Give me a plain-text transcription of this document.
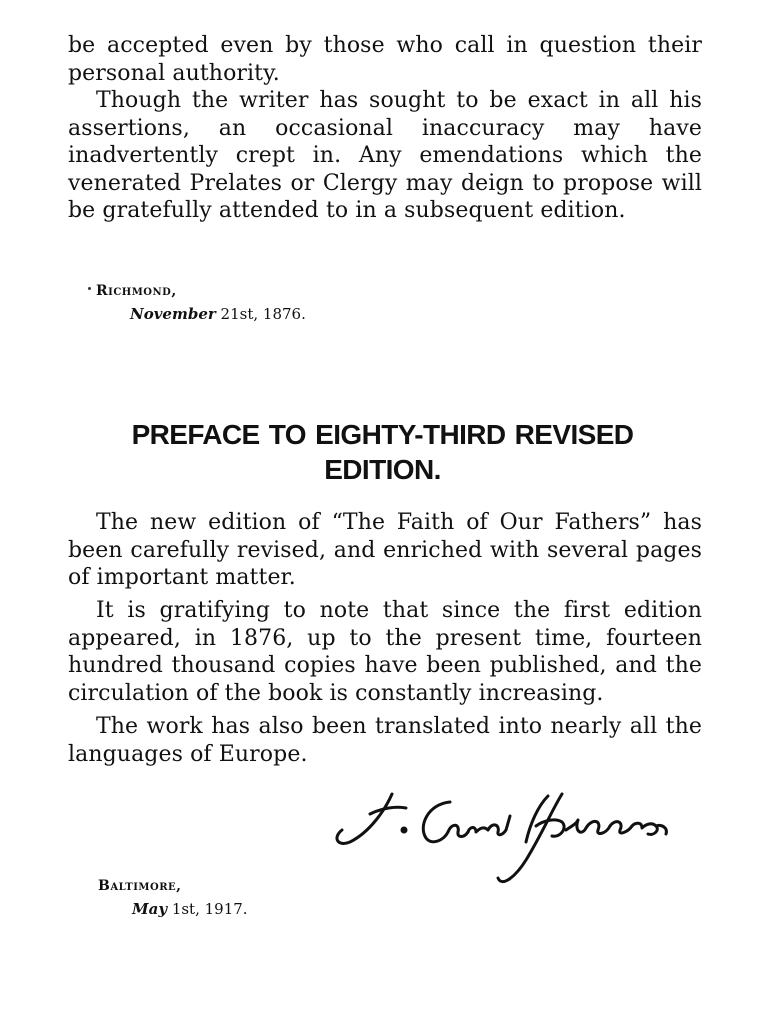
be accepted even by those who call in question their personal authority.
Though the writer has sought to be exact in all his assertions, an occasional inaccuracy may have inadvertently crept in. Any emendations which the venerated Prelates or Clergy may deign to propose will be gratefully attended to in a subsequent edition.
Richmond,
November 21st, 1876.
PREFACE TO EIGHTY-THIRD REVISED
EDITION.
The new edition of “The Faith of Our Fathers” has been carefully revised, and enriched with several pages of important matter.
It is gratifying to note that since the first edition appeared, in 1876, up to the present time, fourteen hundred thousand copies have been published, and the circulation of the book is constantly increasing.
The work has also been translated into nearly all the languages of Europe.
Baltimore,
May 1st, 1917.
